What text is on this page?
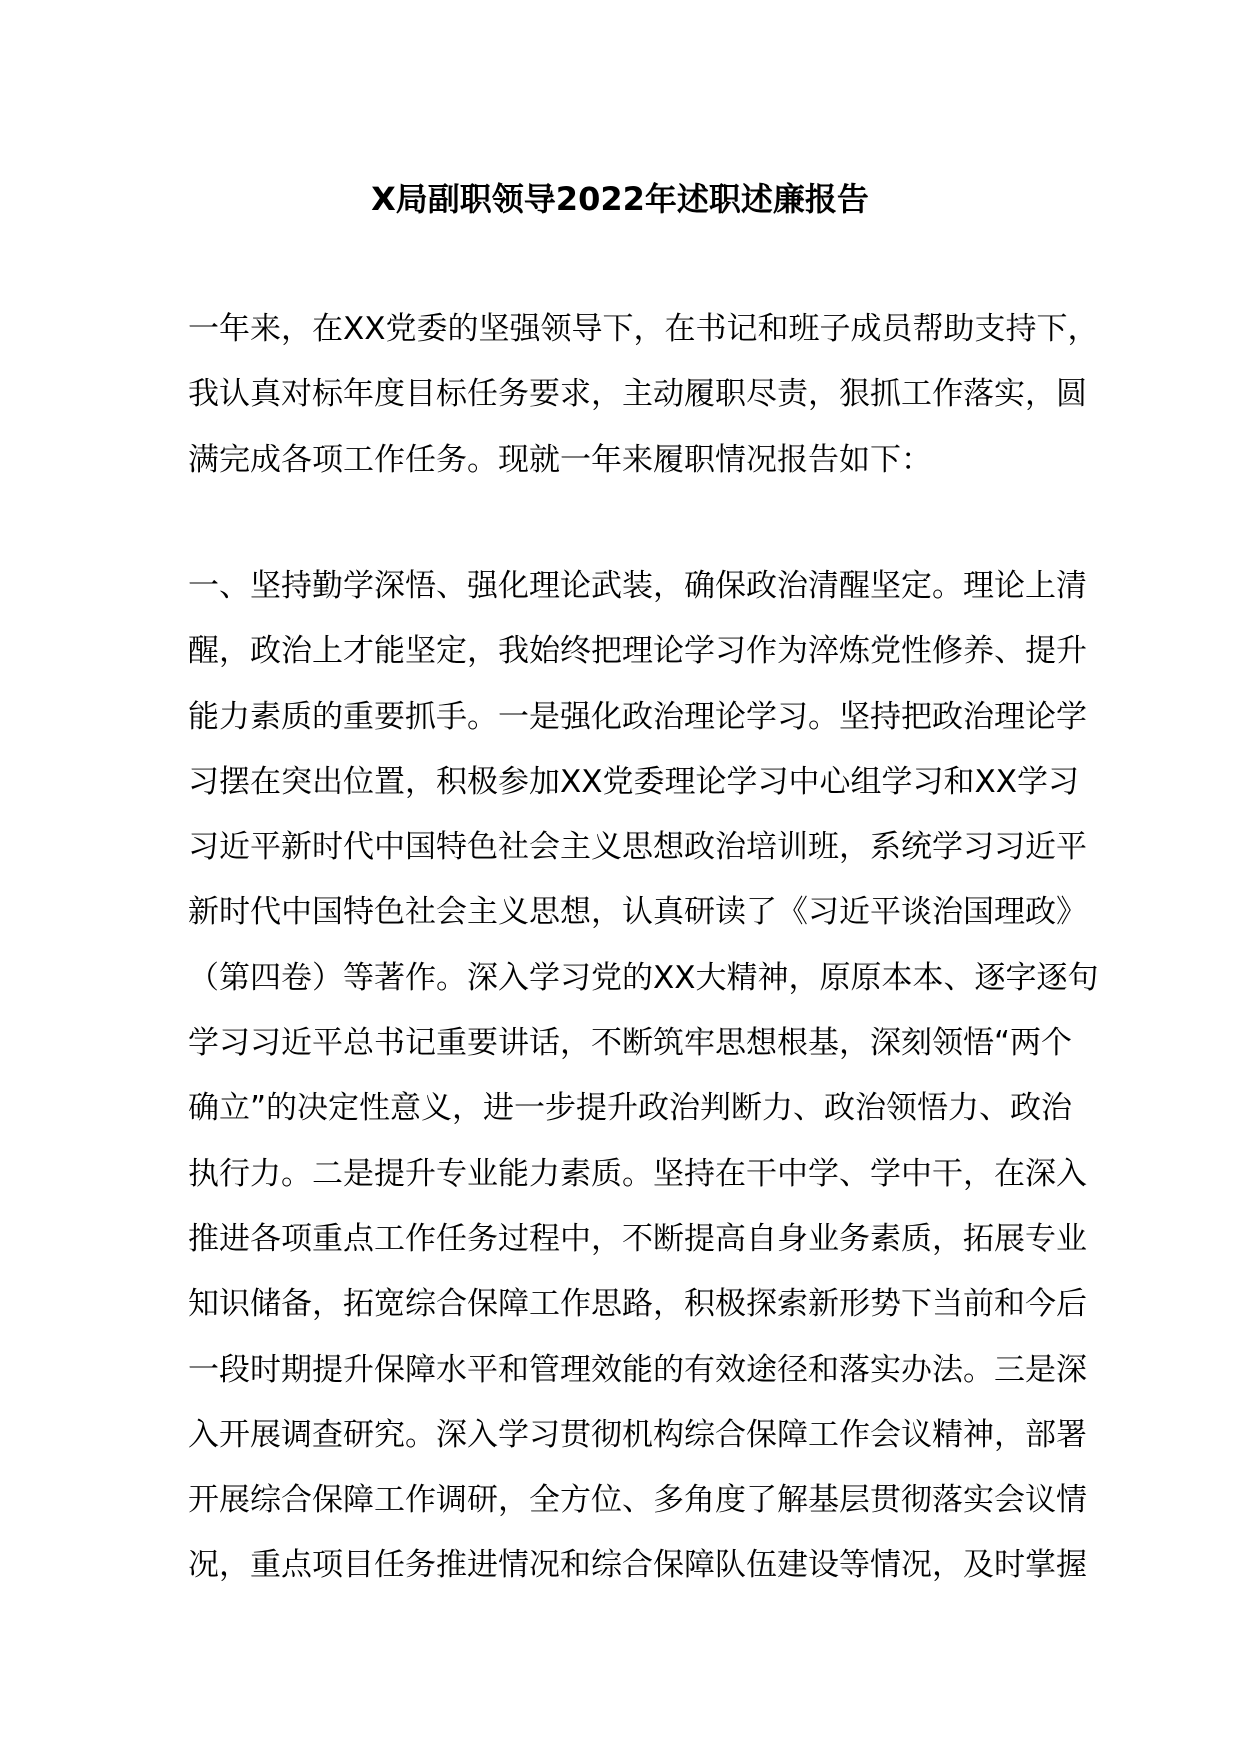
X局副职领导2022年述职述廉报告
一年来，在XX党委的坚强领导下，在书记和班子成员帮助支持下，
我认真对标年度目标任务要求，主动履职尽责，狠抓工作落实，圆
满完成各项工作任务。现就一年来履职情况报告如下：
一、坚持勤学深悟、强化理论武装，确保政治清醒坚定。理论上清
醒，政治上才能坚定，我始终把理论学习作为淬炼党性修养、提升
能力素质的重要抓手。一是强化政治理论学习。坚持把政治理论学
习摆在突出位置，积极参加XX党委理论学习中心组学习和XX学习
习近平新时代中国特色社会主义思想政治培训班，系统学习习近平
新时代中国特色社会主义思想，认真研读了《习近平谈治国理政》
（第四卷）等著作。深入学习党的XX大精神，原原本本、逐字逐句
学习习近平总书记重要讲话，不断筑牢思想根基，深刻领悟“两个
确立”的决定性意义，进一步提升政治判断力、政治领悟力、政治
执行力。二是提升专业能力素质。坚持在干中学、学中干，在深入
推进各项重点工作任务过程中，不断提高自身业务素质，拓展专业
知识储备，拓宽综合保障工作思路，积极探索新形势下当前和今后
一段时期提升保障水平和管理效能的有效途径和落实办法。三是深
入开展调查研究。深入学习贯彻机构综合保障工作会议精神，部署
开展综合保障工作调研，全方位、多角度了解基层贯彻落实会议情
况，重点项目任务推进情况和综合保障队伍建设等情况，及时掌握
